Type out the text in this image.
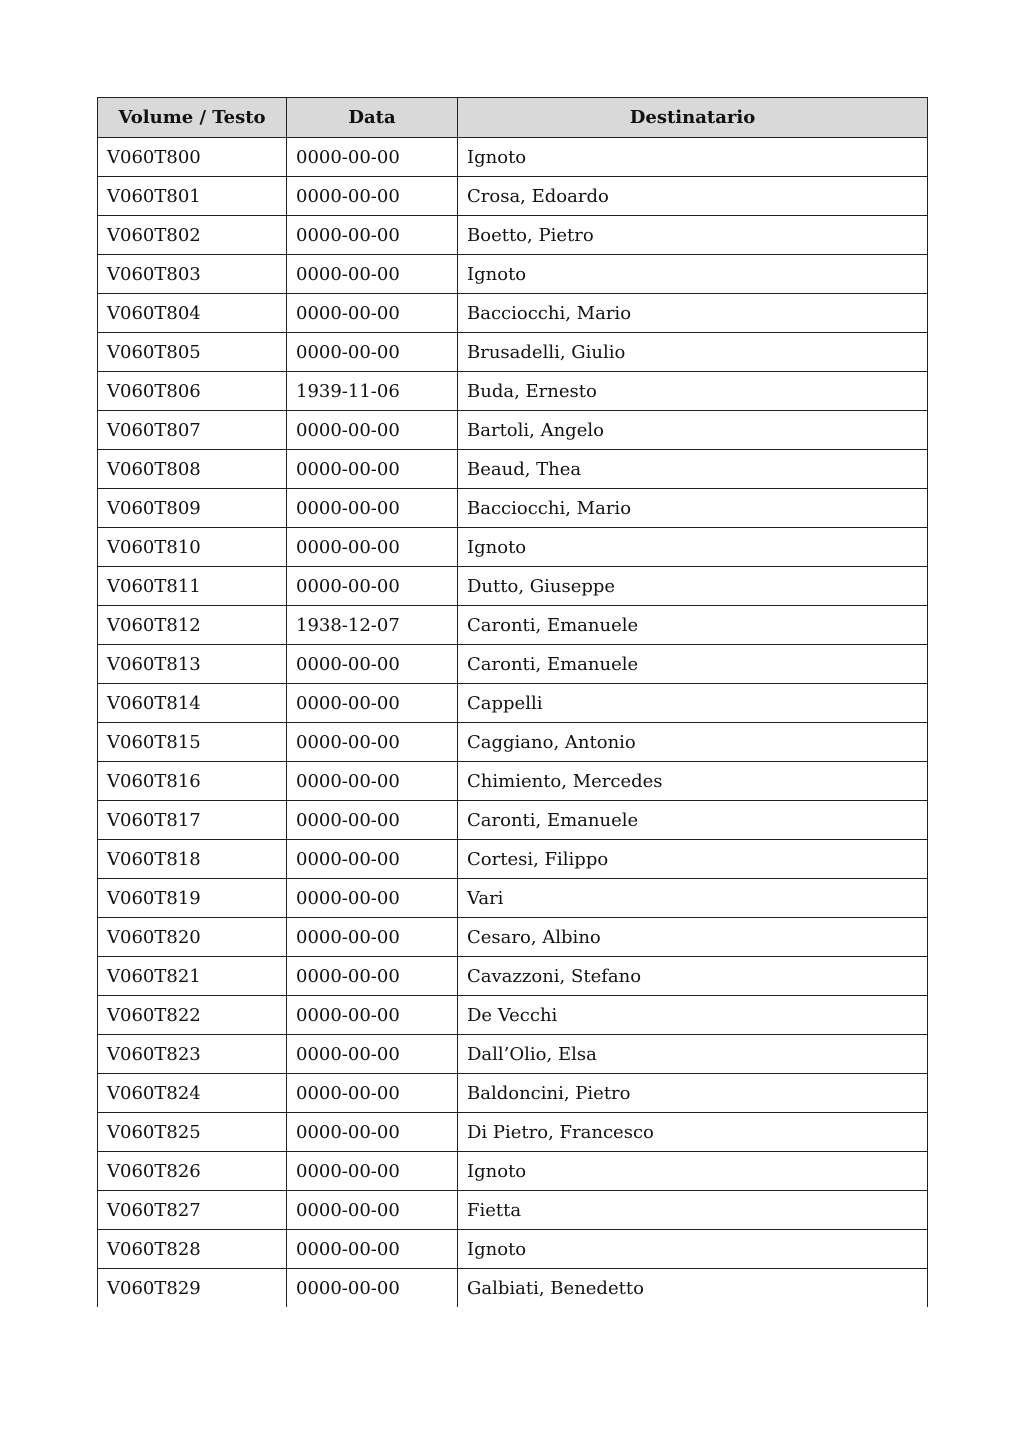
Volume / Testo	Data	Destinatario
V060T800	0000-00-00	Ignoto
V060T801	0000-00-00	Crosa, Edoardo
V060T802	0000-00-00	Boetto, Pietro
V060T803	0000-00-00	Ignoto
V060T804	0000-00-00	Bacciocchi, Mario
V060T805	0000-00-00	Brusadelli, Giulio
V060T806	1939-11-06	Buda, Ernesto
V060T807	0000-00-00	Bartoli, Angelo
V060T808	0000-00-00	Beaud, Thea
V060T809	0000-00-00	Bacciocchi, Mario
V060T810	0000-00-00	Ignoto
V060T811	0000-00-00	Dutto, Giuseppe
V060T812	1938-12-07	Caronti, Emanuele
V060T813	0000-00-00	Caronti, Emanuele
V060T814	0000-00-00	Cappelli
V060T815	0000-00-00	Caggiano, Antonio
V060T816	0000-00-00	Chimiento, Mercedes
V060T817	0000-00-00	Caronti, Emanuele
V060T818	0000-00-00	Cortesi, Filippo
V060T819	0000-00-00	Vari
V060T820	0000-00-00	Cesaro, Albino
V060T821	0000-00-00	Cavazzoni, Stefano
V060T822	0000-00-00	De Vecchi
V060T823	0000-00-00	Dall’Olio, Elsa
V060T824	0000-00-00	Baldoncini, Pietro
V060T825	0000-00-00	Di Pietro, Francesco
V060T826	0000-00-00	Ignoto
V060T827	0000-00-00	Fietta
V060T828	0000-00-00	Ignoto
V060T829	0000-00-00	Galbiati, Benedetto
